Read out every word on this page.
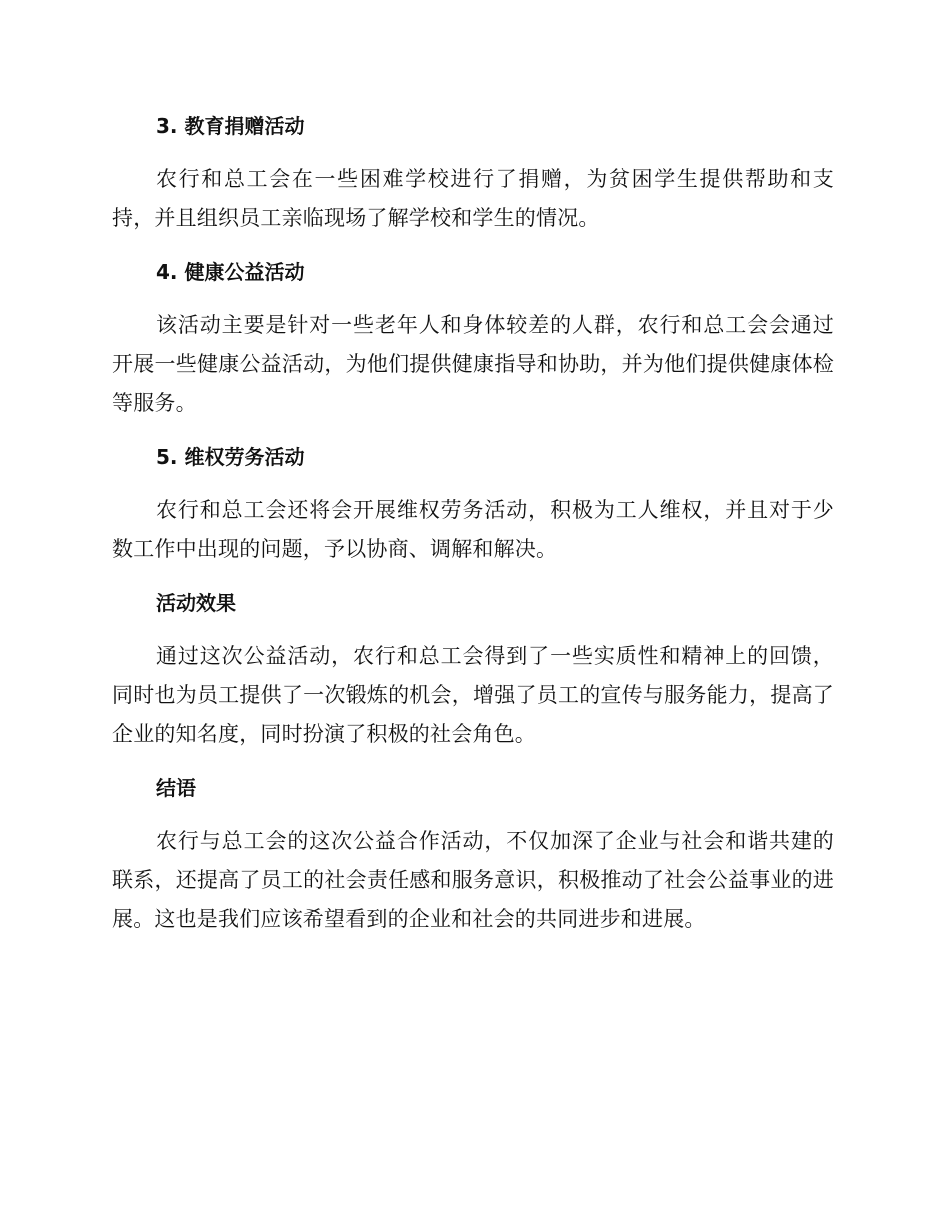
3. 教育捐赠活动

农行和总工会在一些困难学校进行了捐赠，为贫困学生提供帮助和支持，并且组织员工亲临现场了解学校和学生的情况。

4. 健康公益活动

该活动主要是针对一些老年人和身体较差的人群，农行和总工会会通过开展一些健康公益活动，为他们提供健康指导和协助，并为他们提供健康体检等服务。

5. 维权劳务活动

农行和总工会还将会开展维权劳务活动，积极为工人维权，并且对于少数工作中出现的问题，予以协商、调解和解决。

活动效果

通过这次公益活动，农行和总工会得到了一些实质性和精神上的回馈，同时也为员工提供了一次锻炼的机会，增强了员工的宣传与服务能力，提高了企业的知名度，同时扮演了积极的社会角色。

结语

农行与总工会的这次公益合作活动，不仅加深了企业与社会和谐共建的联系，还提高了员工的社会责任感和服务意识，积极推动了社会公益事业的进展。这也是我们应该希望看到的企业和社会的共同进步和进展。
